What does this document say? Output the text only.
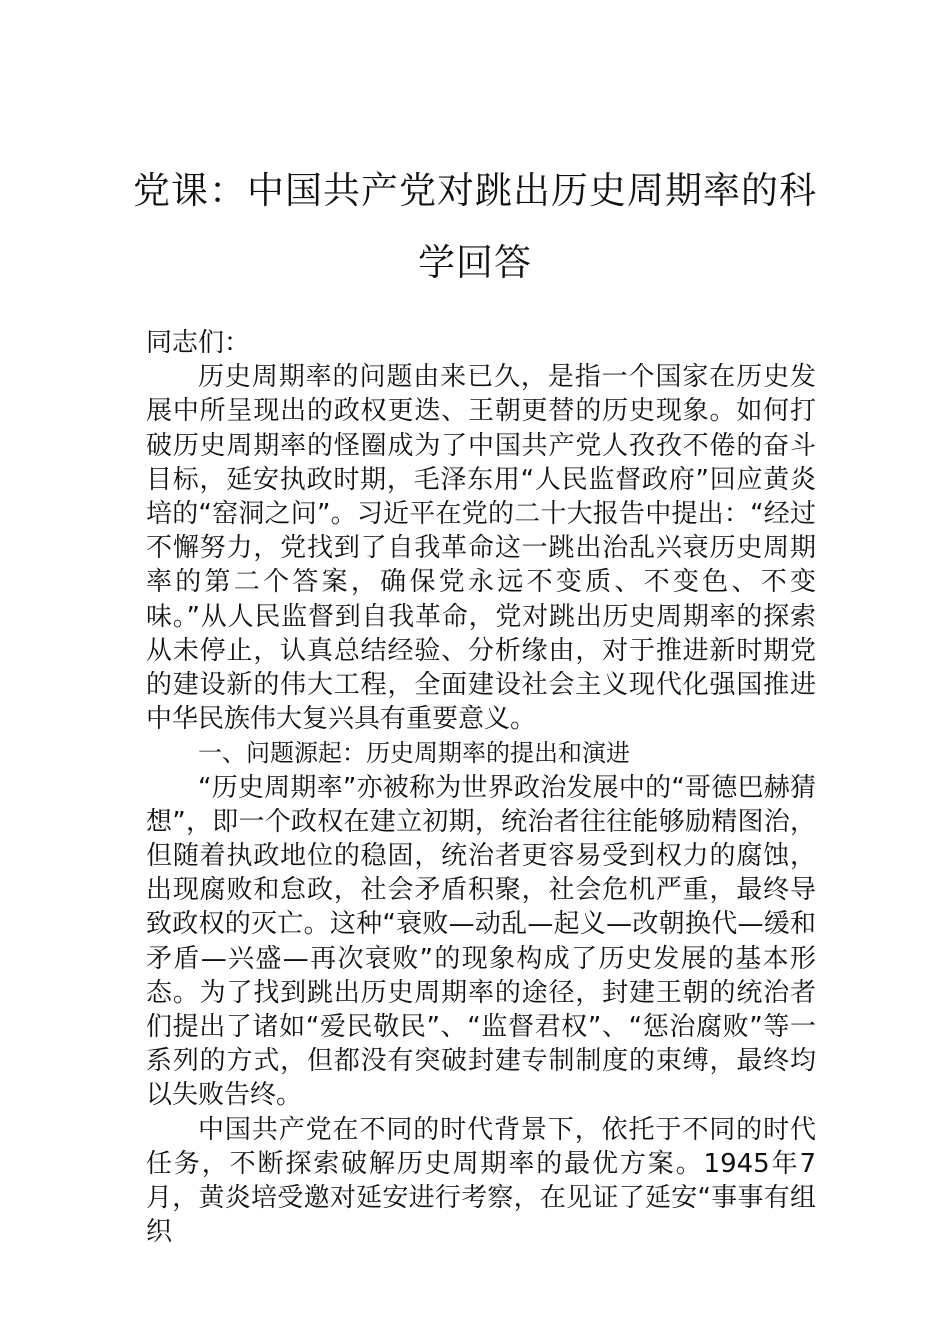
党课：中国共产党对跳出历史周期率的科
学回答

同志们：

历史周期率的问题由来已久，是指一个国家在历史发展中所呈现出的政权更迭、王朝更替的历史现象。如何打破历史周期率的怪圈成为了中国共产党人孜孜不倦的奋斗目标，延安执政时期，毛泽东用“人民监督政府”回应黄炎培的“窑洞之问”。习近平在党的二十大报告中提出：“经过不懈努力，党找到了自我革命这一跳出治乱兴衰历史周期率的第二个答案，确保党永远不变质、不变色、不变味。”从人民监督到自我革命，党对跳出历史周期率的探索从未停止，认真总结经验、分析缘由，对于推进新时期党的建设新的伟大工程，全面建设社会主义现代化强国推进中华民族伟大复兴具有重要意义。

一、问题源起：历史周期率的提出和演进

“历史周期率”亦被称为世界政治发展中的“哥德巴赫猜想”，即一个政权在建立初期，统治者往往能够励精图治，但随着执政地位的稳固，统治者更容易受到权力的腐蚀，出现腐败和怠政，社会矛盾积聚，社会危机严重，最终导致政权的灭亡。这种“衰败—动乱—起义—改朝换代—缓和矛盾—兴盛—再次衰败”的现象构成了历史发展的基本形态。为了找到跳出历史周期率的途径，封建王朝的统治者们提出了诸如“爱民敬民”、“监督君权”、“惩治腐败”等一系列的方式，但都没有突破封建专制制度的束缚，最终均以失败告终。

中国共产党在不同的时代背景下，依托于不同的时代任务，不断探索破解历史周期率的最优方案。1945年7月，黄炎培受邀对延安进行考察，在见证了延安“事事有组织
